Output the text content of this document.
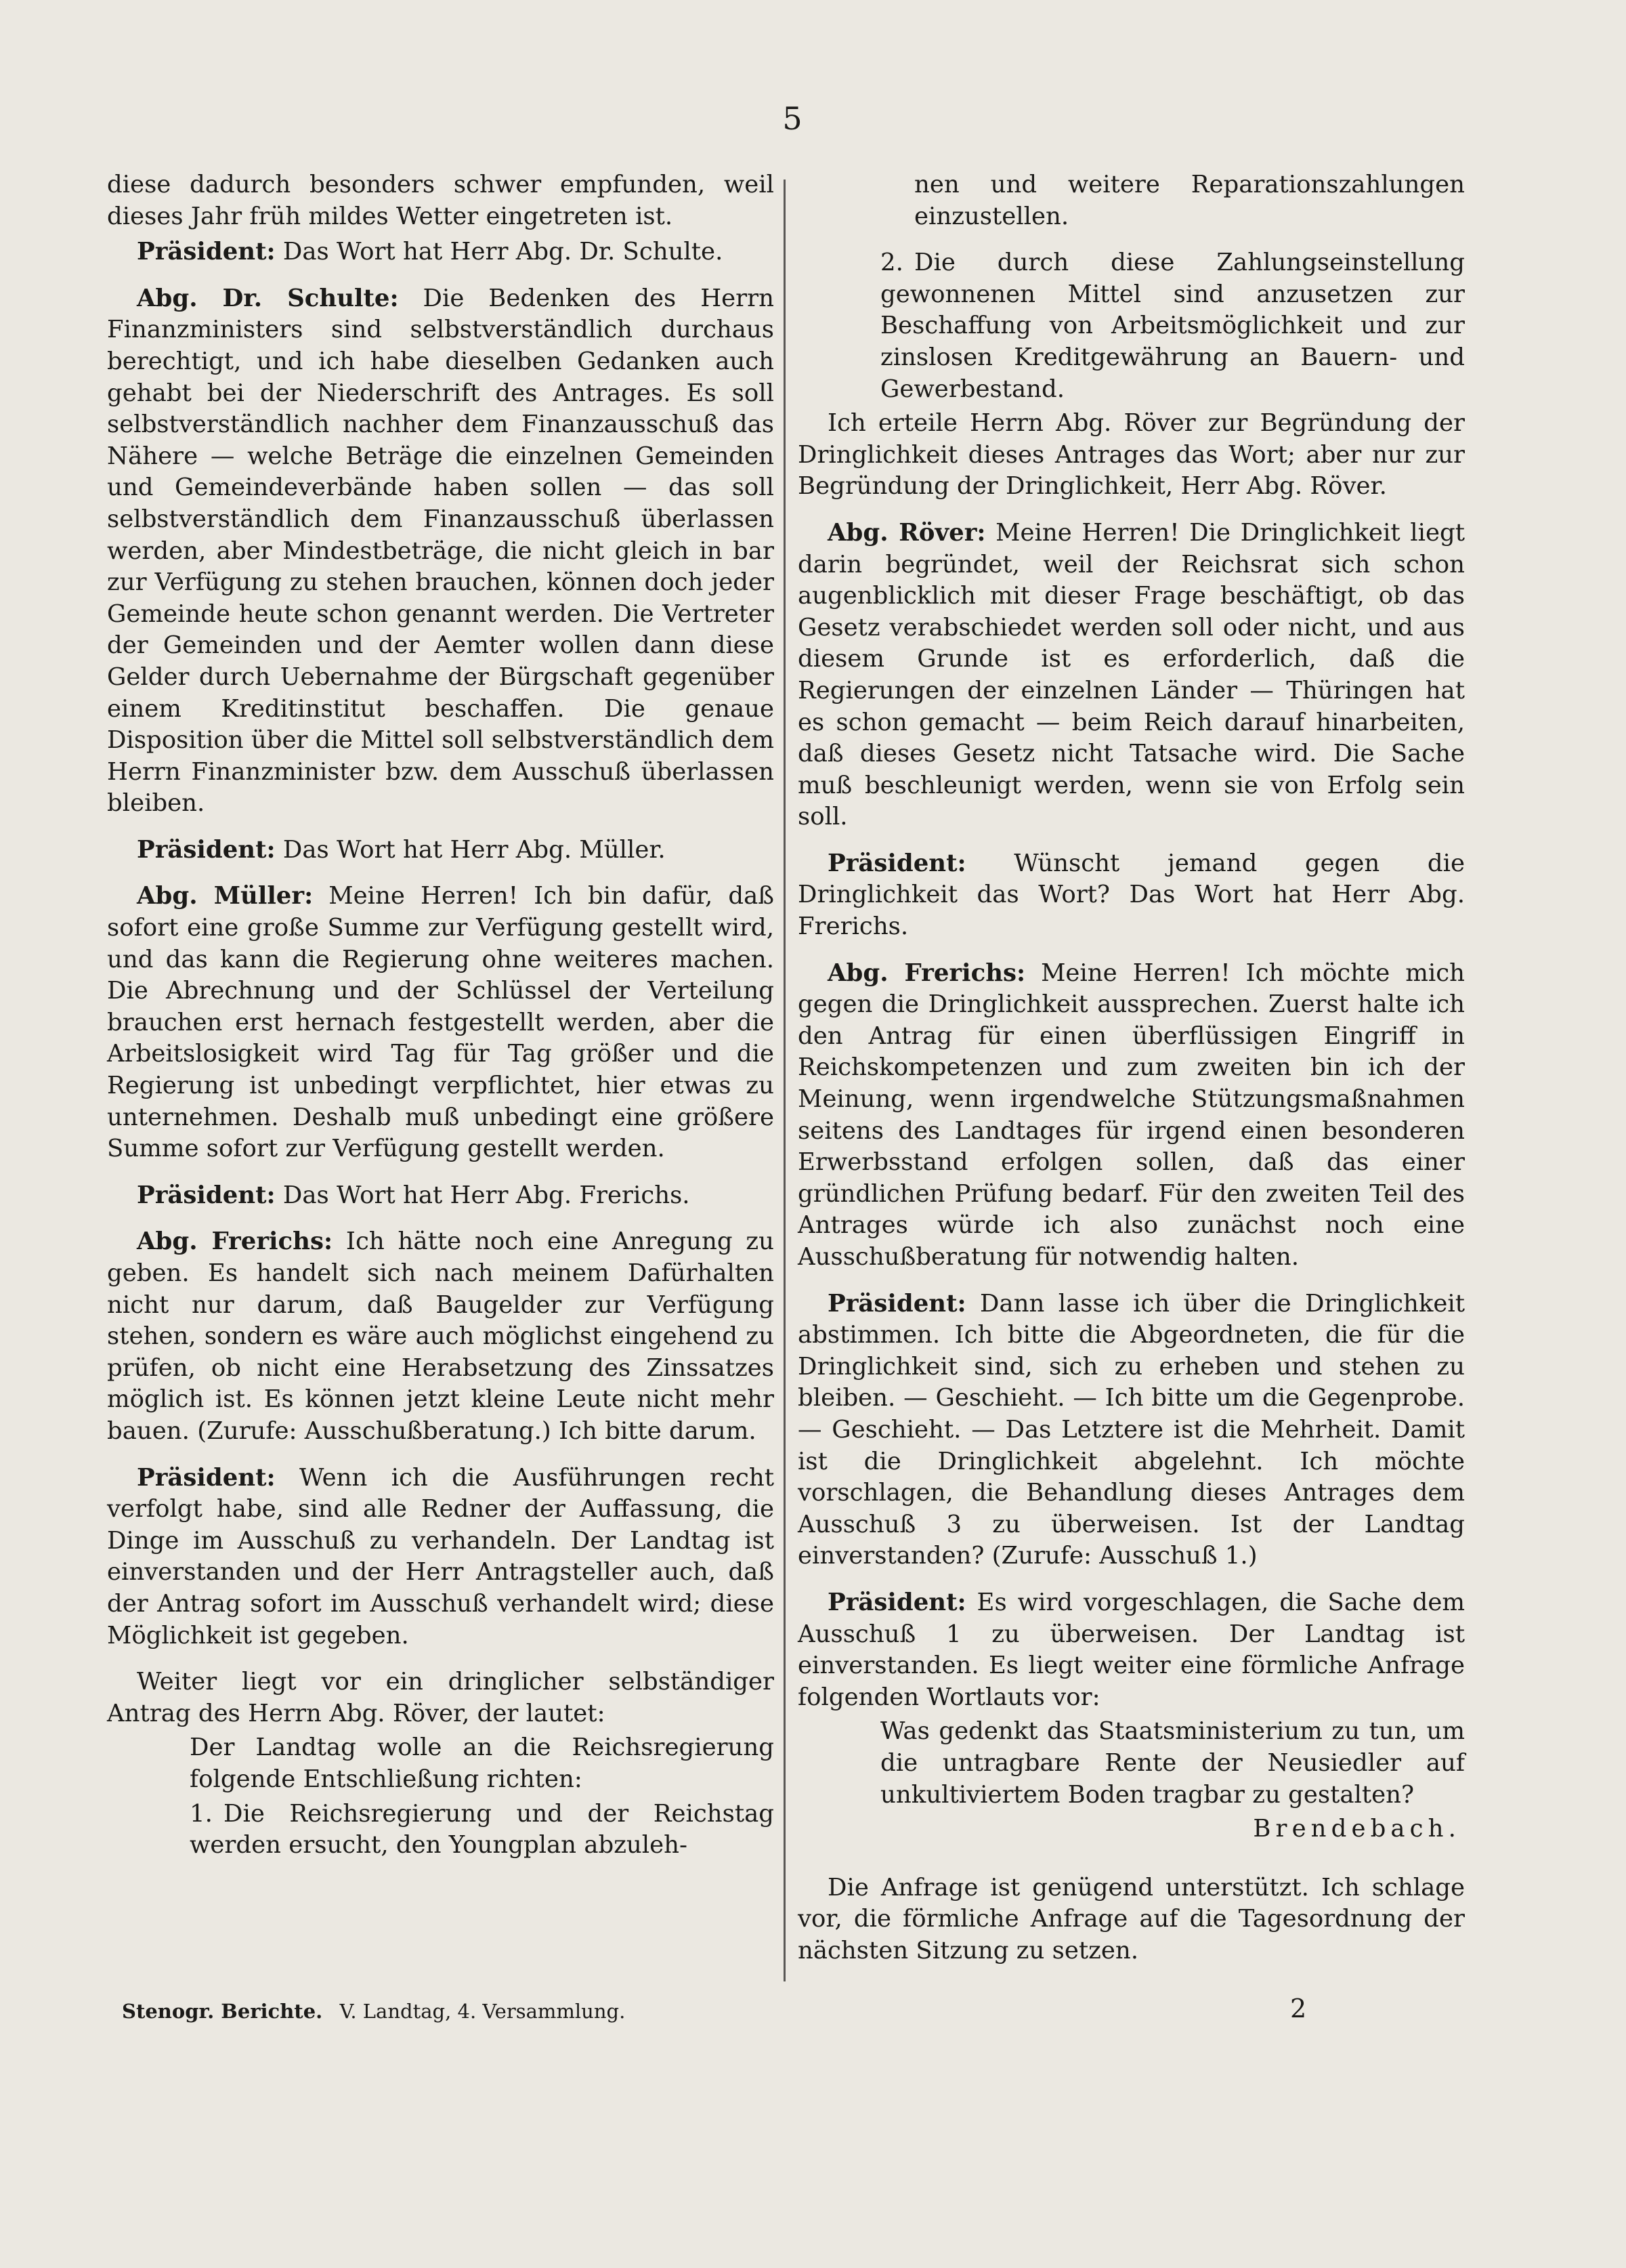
5

diese dadurch besonders schwer empfunden, weil dieses Jahr früh mildes Wetter eingetreten ist.

Präsident: Das Wort hat Herr Abg. Dr. Schulte.

Abg. Dr. Schulte: Die Bedenken des Herrn Finanzministers sind selbstverständlich durchaus berechtigt, und ich habe dieselben Gedanken auch gehabt bei der Niederschrift des Antrages. Es soll selbstverständlich nachher dem Finanzausschuß das Nähere — welche Beträge die einzelnen Gemeinden und Gemeindeverbände haben sollen — das soll selbstverständlich dem Finanzausschuß überlassen werden, aber Mindestbeträge, die nicht gleich in bar zur Verfügung zu stehen brauchen, können doch jeder Gemeinde heute schon genannt werden. Die Vertreter der Gemeinden und der Aemter wollen dann diese Gelder durch Uebernahme der Bürgschaft gegenüber einem Kreditinstitut beschaffen. Die genaue Disposition über die Mittel soll selbstverständlich dem Herrn Finanzminister bzw. dem Ausschuß überlassen bleiben.

Präsident: Das Wort hat Herr Abg. Müller.

Abg. Müller: Meine Herren! Ich bin dafür, daß sofort eine große Summe zur Verfügung gestellt wird, und das kann die Regierung ohne weiteres machen. Die Abrechnung und der Schlüssel der Verteilung brauchen erst hernach festgestellt werden, aber die Arbeitslosigkeit wird Tag für Tag größer und die Regierung ist unbedingt verpflichtet, hier etwas zu unternehmen. Deshalb muß unbedingt eine größere Summe sofort zur Verfügung gestellt werden.

Präsident: Das Wort hat Herr Abg. Frerichs.

Abg. Frerichs: Ich hätte noch eine Anregung zu geben. Es handelt sich nach meinem Dafürhalten nicht nur darum, daß Baugelder zur Verfügung stehen, sondern es wäre auch möglichst eingehend zu prüfen, ob nicht eine Herabsetzung des Zinssatzes möglich ist. Es können jetzt kleine Leute nicht mehr bauen. (Zurufe: Ausschußberatung.) Ich bitte darum.

Präsident: Wenn ich die Ausführungen recht verfolgt habe, sind alle Redner der Auffassung, die Dinge im Ausschuß zu verhandeln. Der Landtag ist einverstanden und der Herr Antragsteller auch, daß der Antrag sofort im Ausschuß verhandelt wird; diese Möglichkeit ist gegeben.

Weiter liegt vor ein dringlicher selbständiger Antrag des Herrn Abg. Röver, der lautet:

Der Landtag wolle an die Reichsregierung folgende Entschließung richten:

1. Die Reichsregierung und der Reichstag werden ersucht, den Youngplan abzuleh-

nen und weitere Reparationszahlungen einzustellen.

2. Die durch diese Zahlungseinstellung gewonnenen Mittel sind anzusetzen zur Beschaffung von Arbeitsmöglichkeit und zur zinslosen Kreditgewährung an Bauern- und Gewerbestand.

Ich erteile Herrn Abg. Röver zur Begründung der Dringlichkeit dieses Antrages das Wort; aber nur zur Begründung der Dringlichkeit, Herr Abg. Röver.

Abg. Röver: Meine Herren! Die Dringlichkeit liegt darin begründet, weil der Reichsrat sich schon augenblicklich mit dieser Frage beschäftigt, ob das Gesetz verabschiedet werden soll oder nicht, und aus diesem Grunde ist es erforderlich, daß die Regierungen der einzelnen Länder — Thüringen hat es schon gemacht — beim Reich darauf hinarbeiten, daß dieses Gesetz nicht Tatsache wird. Die Sache muß beschleunigt werden, wenn sie von Erfolg sein soll.

Präsident: Wünscht jemand gegen die Dringlichkeit das Wort? Das Wort hat Herr Abg. Frerichs.

Abg. Frerichs: Meine Herren! Ich möchte mich gegen die Dringlichkeit aussprechen. Zuerst halte ich den Antrag für einen überflüssigen Eingriff in Reichskompetenzen und zum zweiten bin ich der Meinung, wenn irgendwelche Stützungsmaßnahmen seitens des Landtages für irgend einen besonderen Erwerbsstand erfolgen sollen, daß das einer gründlichen Prüfung bedarf. Für den zweiten Teil des Antrages würde ich also zunächst noch eine Ausschußberatung für notwendig halten.

Präsident: Dann lasse ich über die Dringlichkeit abstimmen. Ich bitte die Abgeordneten, die für die Dringlichkeit sind, sich zu erheben und stehen zu bleiben. — Geschieht. — Ich bitte um die Gegenprobe. — Geschieht. — Das Letztere ist die Mehrheit. Damit ist die Dringlichkeit abgelehnt. Ich möchte vorschlagen, die Behandlung dieses Antrages dem Ausschuß 3 zu überweisen. Ist der Landtag einverstanden? (Zurufe: Ausschuß 1.)

Präsident: Es wird vorgeschlagen, die Sache dem Ausschuß 1 zu überweisen. Der Landtag ist einverstanden. Es liegt weiter eine förmliche Anfrage folgenden Wortlauts vor:

Was gedenkt das Staatsministerium zu tun, um die untragbare Rente der Neusiedler auf unkultiviertem Boden tragbar zu gestalten?

Brendebach.

Die Anfrage ist genügend unterstützt. Ich schlage vor, die förmliche Anfrage auf die Tagesordnung der nächsten Sitzung zu setzen.

Stenogr. Berichte. V. Landtag, 4. Versammlung.	2
